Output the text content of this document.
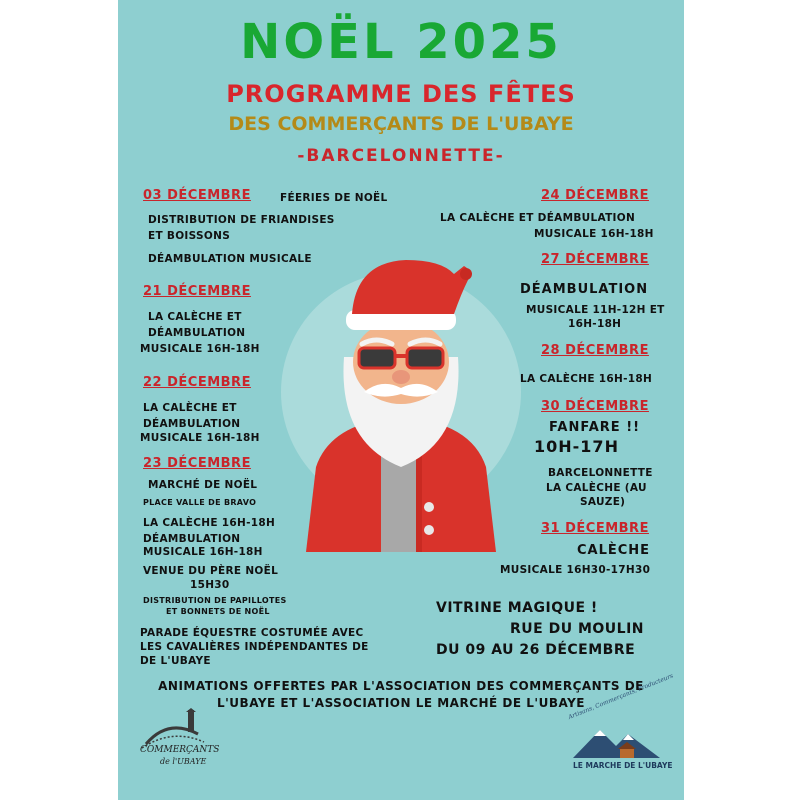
NOËL 2025

PROGRAMME DES FÊTES

DES COMMERÇANTS DE L'UBAYE

-BARCELONNETTE-

03 DÉCEMBRE	FÉERIES DE NOËL

DISTRIBUTION DE FRIANDISES

ET BOISSONS

DÉAMBULATION MUSICALE

21 DÉCEMBRE

LA CALÈCHE ET

DÉAMBULATION

MUSICALE 16H-18H

22 DÉCEMBRE

LA CALÈCHE ET

DÉAMBULATION

MUSICALE 16H-18H

23 DÉCEMBRE

MARCHÉ DE NOËL

PLACE VALLE DE BRAVO

LA CALÈCHE 16H-18H

DÉAMBULATION

MUSICALE 16H-18H

VENUE DU PÈRE NOËL

15H30

DISTRIBUTION DE PAPILLOTES

ET BONNETS DE NOËL

PARADE ÉQUESTRE COSTUMÉE AVEC

LES CAVALIÈRES INDÉPENDANTES DE

DE L'UBAYE

24 DÉCEMBRE

LA CALÈCHE ET DÉAMBULATION

MUSICALE 16H-18H

27 DÉCEMBRE

DÉAMBULATION

MUSICALE 11H-12H ET

16H-18H

28 DÉCEMBRE

LA CALÈCHE 16H-18H

30 DÉCEMBRE

FANFARE !!

10H-17H

BARCELONNETTE

LA CALÈCHE (AU

SAUZE)

31 DÉCEMBRE

CALÈCHE

MUSICALE 16H30-17H30

VITRINE MAGIQUE !

RUE DU MOULIN

DU 09 AU 26 DÉCEMBRE

ANIMATIONS OFFERTES PAR L'ASSOCIATION DES COMMERÇANTS DE

L'UBAYE ET L'ASSOCIATION LE MARCHÉ DE L'UBAYE

COMMERÇANTS

de l'UBAYE

Artisans, Commerçants, Producteurs

LE MARCHE DE L'UBAYE
